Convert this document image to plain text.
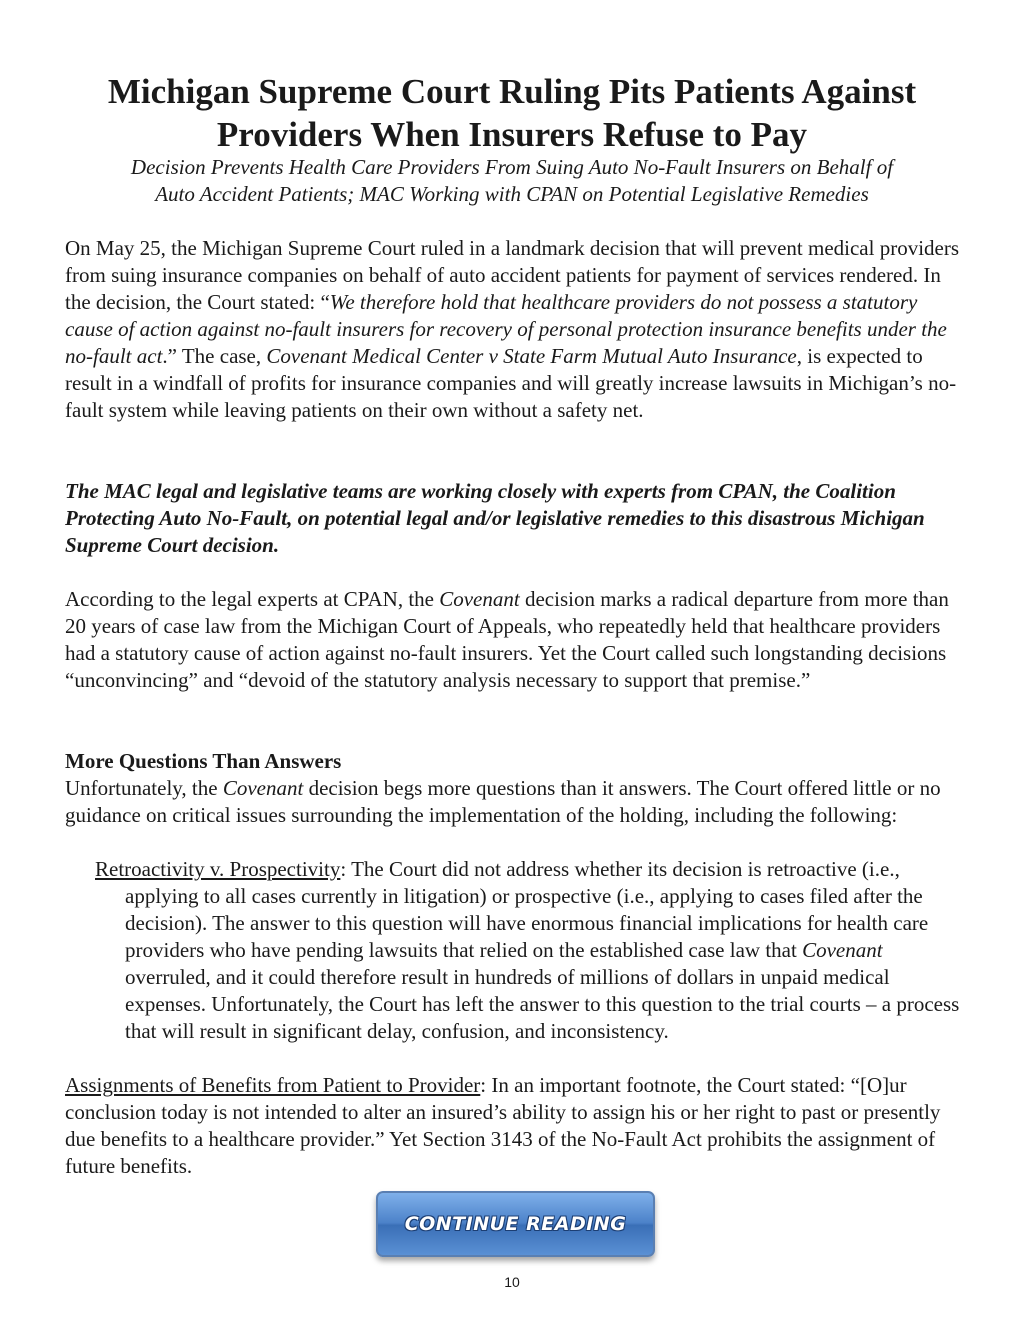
Michigan Supreme Court Ruling Pits Patients Against
Providers When Insurers Refuse to Pay

Decision Prevents Health Care Providers From Suing Auto No-Fault Insurers on Behalf of
Auto Accident Patients; MAC Working with CPAN on Potential Legislative Remedies

On May 25, the Michigan Supreme Court ruled in a landmark decision that will prevent medical providers from suing insurance companies on behalf of auto accident patients for payment of services rendered. In the decision, the Court stated: “We therefore hold that healthcare providers do not possess a statutory cause of action against no-fault insurers for recovery of personal protection insurance benefits under the no-fault act.” The case, Covenant Medical Center v State Farm Mutual Auto Insurance, is expected to result in a windfall of profits for insurance companies and will greatly increase lawsuits in Michigan’s no-fault system while leaving patients on their own without a safety net.

The MAC legal and legislative teams are working closely with experts from CPAN, the Coalition Protecting Auto No-Fault, on potential legal and/or legislative remedies to this disastrous Michigan Supreme Court decision.

According to the legal experts at CPAN, the Covenant decision marks a radical departure from more than 20 years of case law from the Michigan Court of Appeals, who repeatedly held that healthcare providers had a statutory cause of action against no-fault insurers. Yet the Court called such longstanding decisions “unconvincing” and “devoid of the statutory analysis necessary to support that premise.”

More Questions Than Answers

Unfortunately, the Covenant decision begs more questions than it answers. The Court offered little or no guidance on critical issues surrounding the implementation of the holding, including the following:

Retroactivity v. Prospectivity: The Court did not address whether its decision is retroactive (i.e., applying to all cases currently in litigation) or prospective (i.e., applying to cases filed after the decision). The answer to this question will have enormous financial implications for health care providers who have pending lawsuits that relied on the established case law that Covenant overruled, and it could therefore result in hundreds of millions of dollars in unpaid medical expenses. Unfortunately, the Court has left the answer to this question to the trial courts – a process that will result in significant delay, confusion, and inconsistency.

Assignments of Benefits from Patient to Provider: In an important footnote, the Court stated: “[O]ur conclusion today is not intended to alter an insured’s ability to assign his or her right to past or presently due benefits to a healthcare provider.” Yet Section 3143 of the No-Fault Act prohibits the assignment of future benefits.

CONTINUE READING
10
